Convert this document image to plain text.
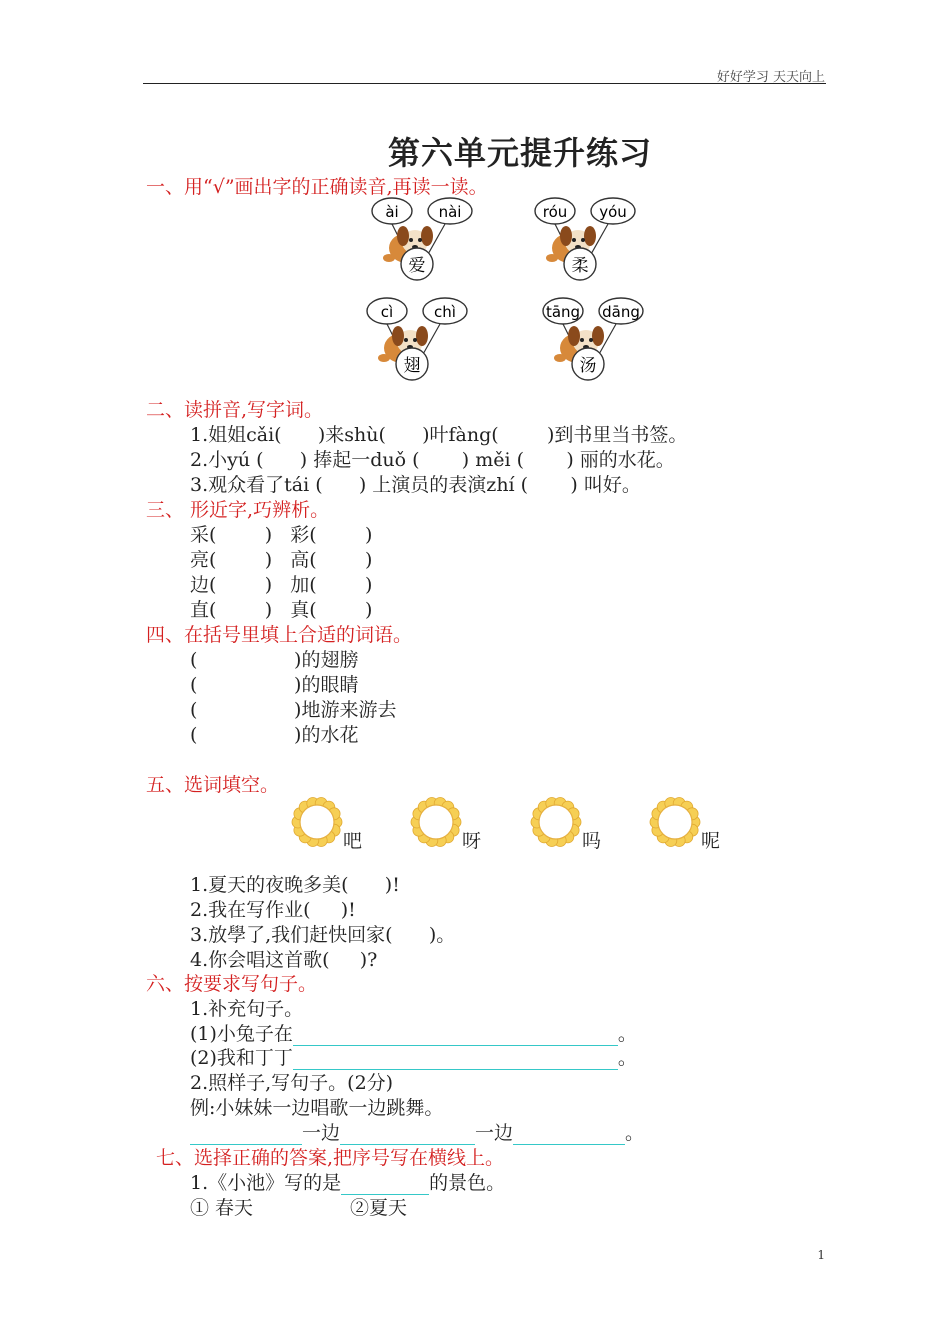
好好学习 天天向上
第六单元提升练习
一、用“√”画出字的正确读音,再读一读。
ài	nài
爱
róu yóu
柔
cì	chì
翅
tāng dāng
汤
二、读拼音,写字词。
1.姐姐cǎi(      )来shù(      )叶fàng(        )到书里当书签。
2.小yú (      ) 捧起一duǒ (       ) měi (       ) 丽的水花。
3.观众看了tái (      ) 上演员的表演zhí (       ) 叫好。
三、 形近字,巧辨析。
采(        )   彩(        )
亮(        )   高(        )
边(        )   加(        )
直(        )   真(        )
四、在括号里填上合适的词语。
(                )的翅膀
(                )的眼睛
(                )地游来游去
(                )的水花
五、选词填空。
吧	呀	吗	呢
1.夏天的夜晚多美(      )!
2.我在写作业(     )!
3.放學了,我们赶快回家(      )。
4.你会唱这首歌(     )?
六、按要求写句子。
1.补充句子。
(1)小兔子在	。
(2)我和丁丁	。
2.照样子,写句子。(2分)
例:小妹妹一边唱歌一边跳舞。
一边	一边	。
七、选择正确的答案,把序号写在横线上。
1.《小池》写的是	的景色。
① 春天	②夏天
1
